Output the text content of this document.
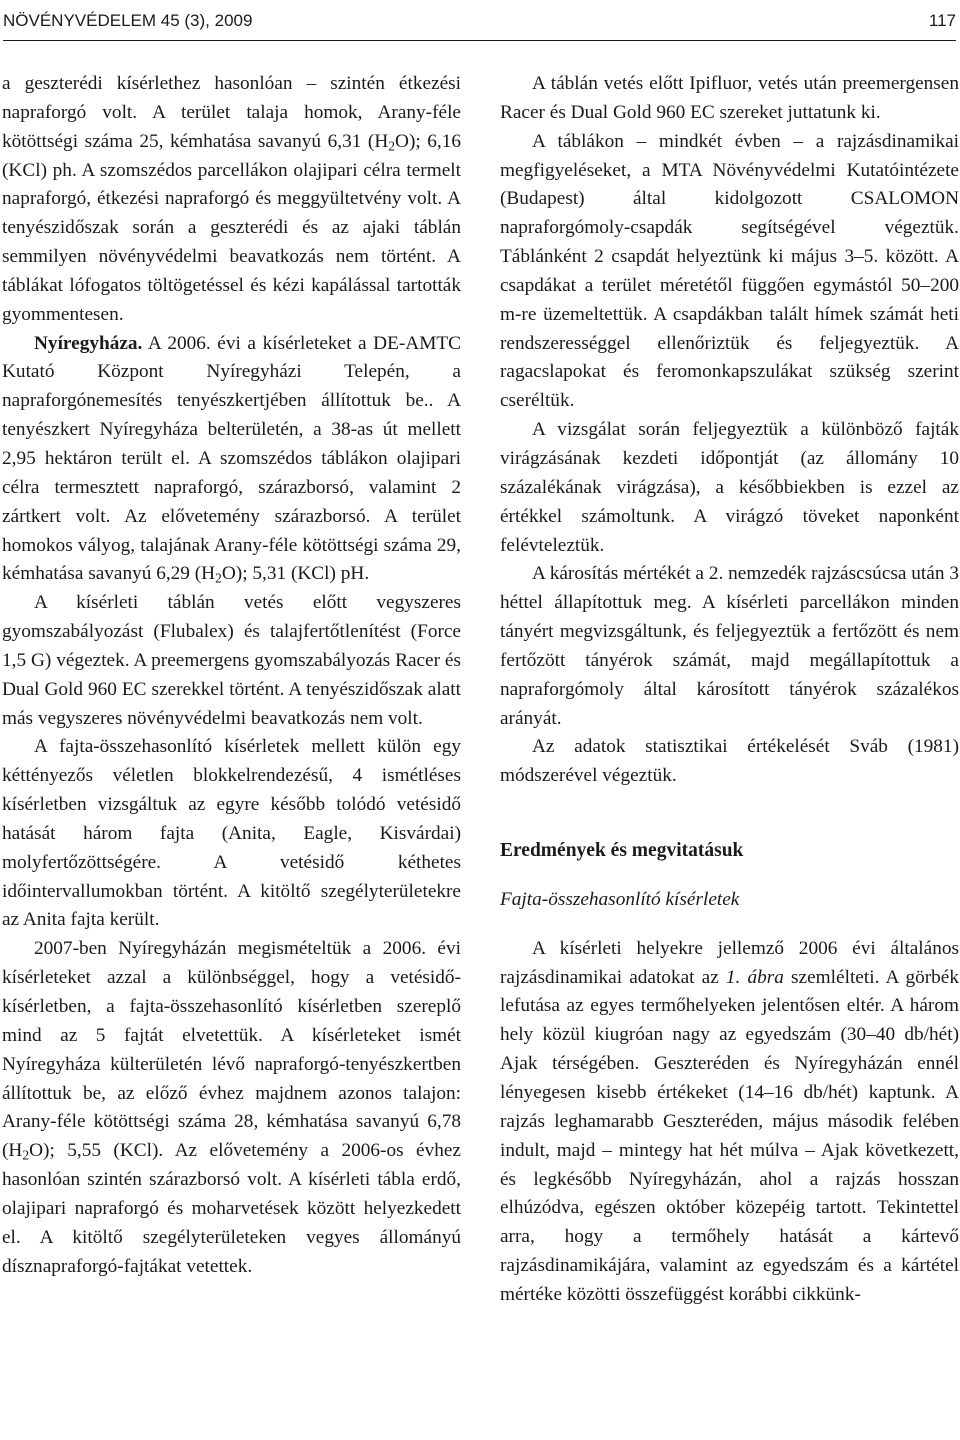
NÖVÉNYVÉDELEM 45 (3), 2009	117

a geszterédi kísérlethez hasonlóan – szintén étkezési napraforgó volt. A terület talaja homok, Arany-féle kötöttségi száma 25, kémhatása savanyú 6,31 $(H_2O)$; 6,16 (KCl) ph. A szomszédos parcellákon olajipari célra termelt napraforgó, étkezési napraforgó és meggyültetvény volt. A tenyészidőszak során a geszterédi és az ajaki táblán semmilyen növényvédelmi beavatkozás nem történt. A táblákat lófogatos töltögetéssel és kézi kapálással tartották gyommentesen.

Nyíregyháza. A 2006. évi a kísérleteket a DE-AMTC Kutató Központ Nyíregyházi Telepén, a napraforgónemesítés tenyészkertjében állítottuk be.. A tenyészkert Nyíregyháza belterületén, a 38-as út mellett 2,95 hektáron terült el. A szomszédos táblákon olajipari célra termesztett napraforgó, szárazborsó, valamint 2 zártkert volt. Az elővetemény szárazborsó. A terület homokos vályog, talajának Arany-féle kötöttségi száma 29, kémhatása savanyú 6,29 $(H_2O)$; 5,31 (KCl) pH.

A kísérleti táblán vetés előtt vegyszeres gyomszabályozást (Flubalex) és talajfertőtlenítést (Force 1,5 G) végeztek. A preemergens gyomszabályozás Racer és Dual Gold 960 EC szerekkel történt. A tenyészidőszak alatt más vegyszeres növényvédelmi beavatkozás nem volt.

A fajta-összehasonlító kísérletek mellett külön egy kéttényezős véletlen blokkelrendezésű, 4 ismétléses kísérletben vizsgáltuk az egyre később tolódó vetésidő hatását három fajta (Anita, Eagle, Kisvárdai) molyfertőzöttségére. A vetésidő kéthetes időintervallumokban történt. A kitöltő szegélyterületekre az Anita fajta került.

2007-ben Nyíregyházán megismételtük a 2006. évi kísérleteket azzal a különbséggel, hogy a vetésidő-kísérletben, a fajta-összehasonlító kísérletben szereplő mind az 5 fajtát elvetettük. A kísérleteket ismét Nyíregyháza külterületén lévő napraforgó-tenyészkertben állítottuk be, az előző évhez majdnem azonos talajon: Arany-féle kötöttségi száma 28, kémhatása savanyú 6,78 $(H_2O)$; 5,55 (KCl). Az elővetemény a 2006-os évhez hasonlóan szintén szárazborsó volt. A kísérleti tábla erdő, olajipari napraforgó és moharvetések között helyezkedett el. A kitöltő szegélyterületeken vegyes állományú dísznapraforgó-fajtákat vetettek.

A táblán vetés előtt Ipifluor, vetés után preemergensen Racer és Dual Gold 960 EC szereket juttatunk ki.

A táblákon – mindkét évben – a rajzásdinamikai megfigyeléseket, a MTA Növényvédelmi Kutatóintézete (Budapest) által kidolgozott CSALOMON napraforgómoly-csapdák segítségével végeztük. Táblánként 2 csapdát helyeztünk ki május 3–5. között. A csapdákat a terület méretétől függően egymástól 50–200 m-re üzemeltettük. A csapdákban talált hímek számát heti rendszerességgel ellenőriztük és feljegyeztük. A ragacslapokat és feromonkapszulákat szükség szerint cseréltük.

A vizsgálat során feljegyeztük a különböző fajták virágzásának kezdeti időpontját (az állomány 10 százalékának virágzása), a későbbiekben is ezzel az értékkel számoltunk. A virágzó töveket naponként felévteleztük.

A károsítás mértékét a 2. nemzedék rajzáscsúcsa után 3 héttel állapítottuk meg. A kísérleti parcellákon minden tányért megvizsgáltunk, és feljegyeztük a fertőzött és nem fertőzött tányérok számát, majd megállapítottuk a napraforgómoly által károsított tányérok százalékos arányát.

Az adatok statisztikai értékelését Sváb (1981) módszerével végeztük.

Eredmények és megvitatásuk
Fajta-összehasonlító kísérletek

A kísérleti helyekre jellemző 2006 évi általános rajzásdinamikai adatokat az 1. ábra szemlélteti. A görbék lefutása az egyes termőhelyeken jelentősen eltér. A három hely közül kiugróan nagy az egyedszám (30–40 db/hét) Ajak térségében. Geszteréden és Nyíregyházán ennél lényegesen kisebb értékeket (14–16 db/hét) kaptunk. A rajzás leghamarabb Geszteréden, május második felében indult, majd – mintegy hat hét múlva – Ajak következett, és legkésőbb Nyíregyházán, ahol a rajzás hosszan elhúzódva, egészen október közepéig tartott. Tekintettel arra, hogy a termőhely hatását a kártevő rajzásdinamikájára, valamint az egyedszám és a kártétel mértéke közötti összefüggést korábbi cikkünk-
